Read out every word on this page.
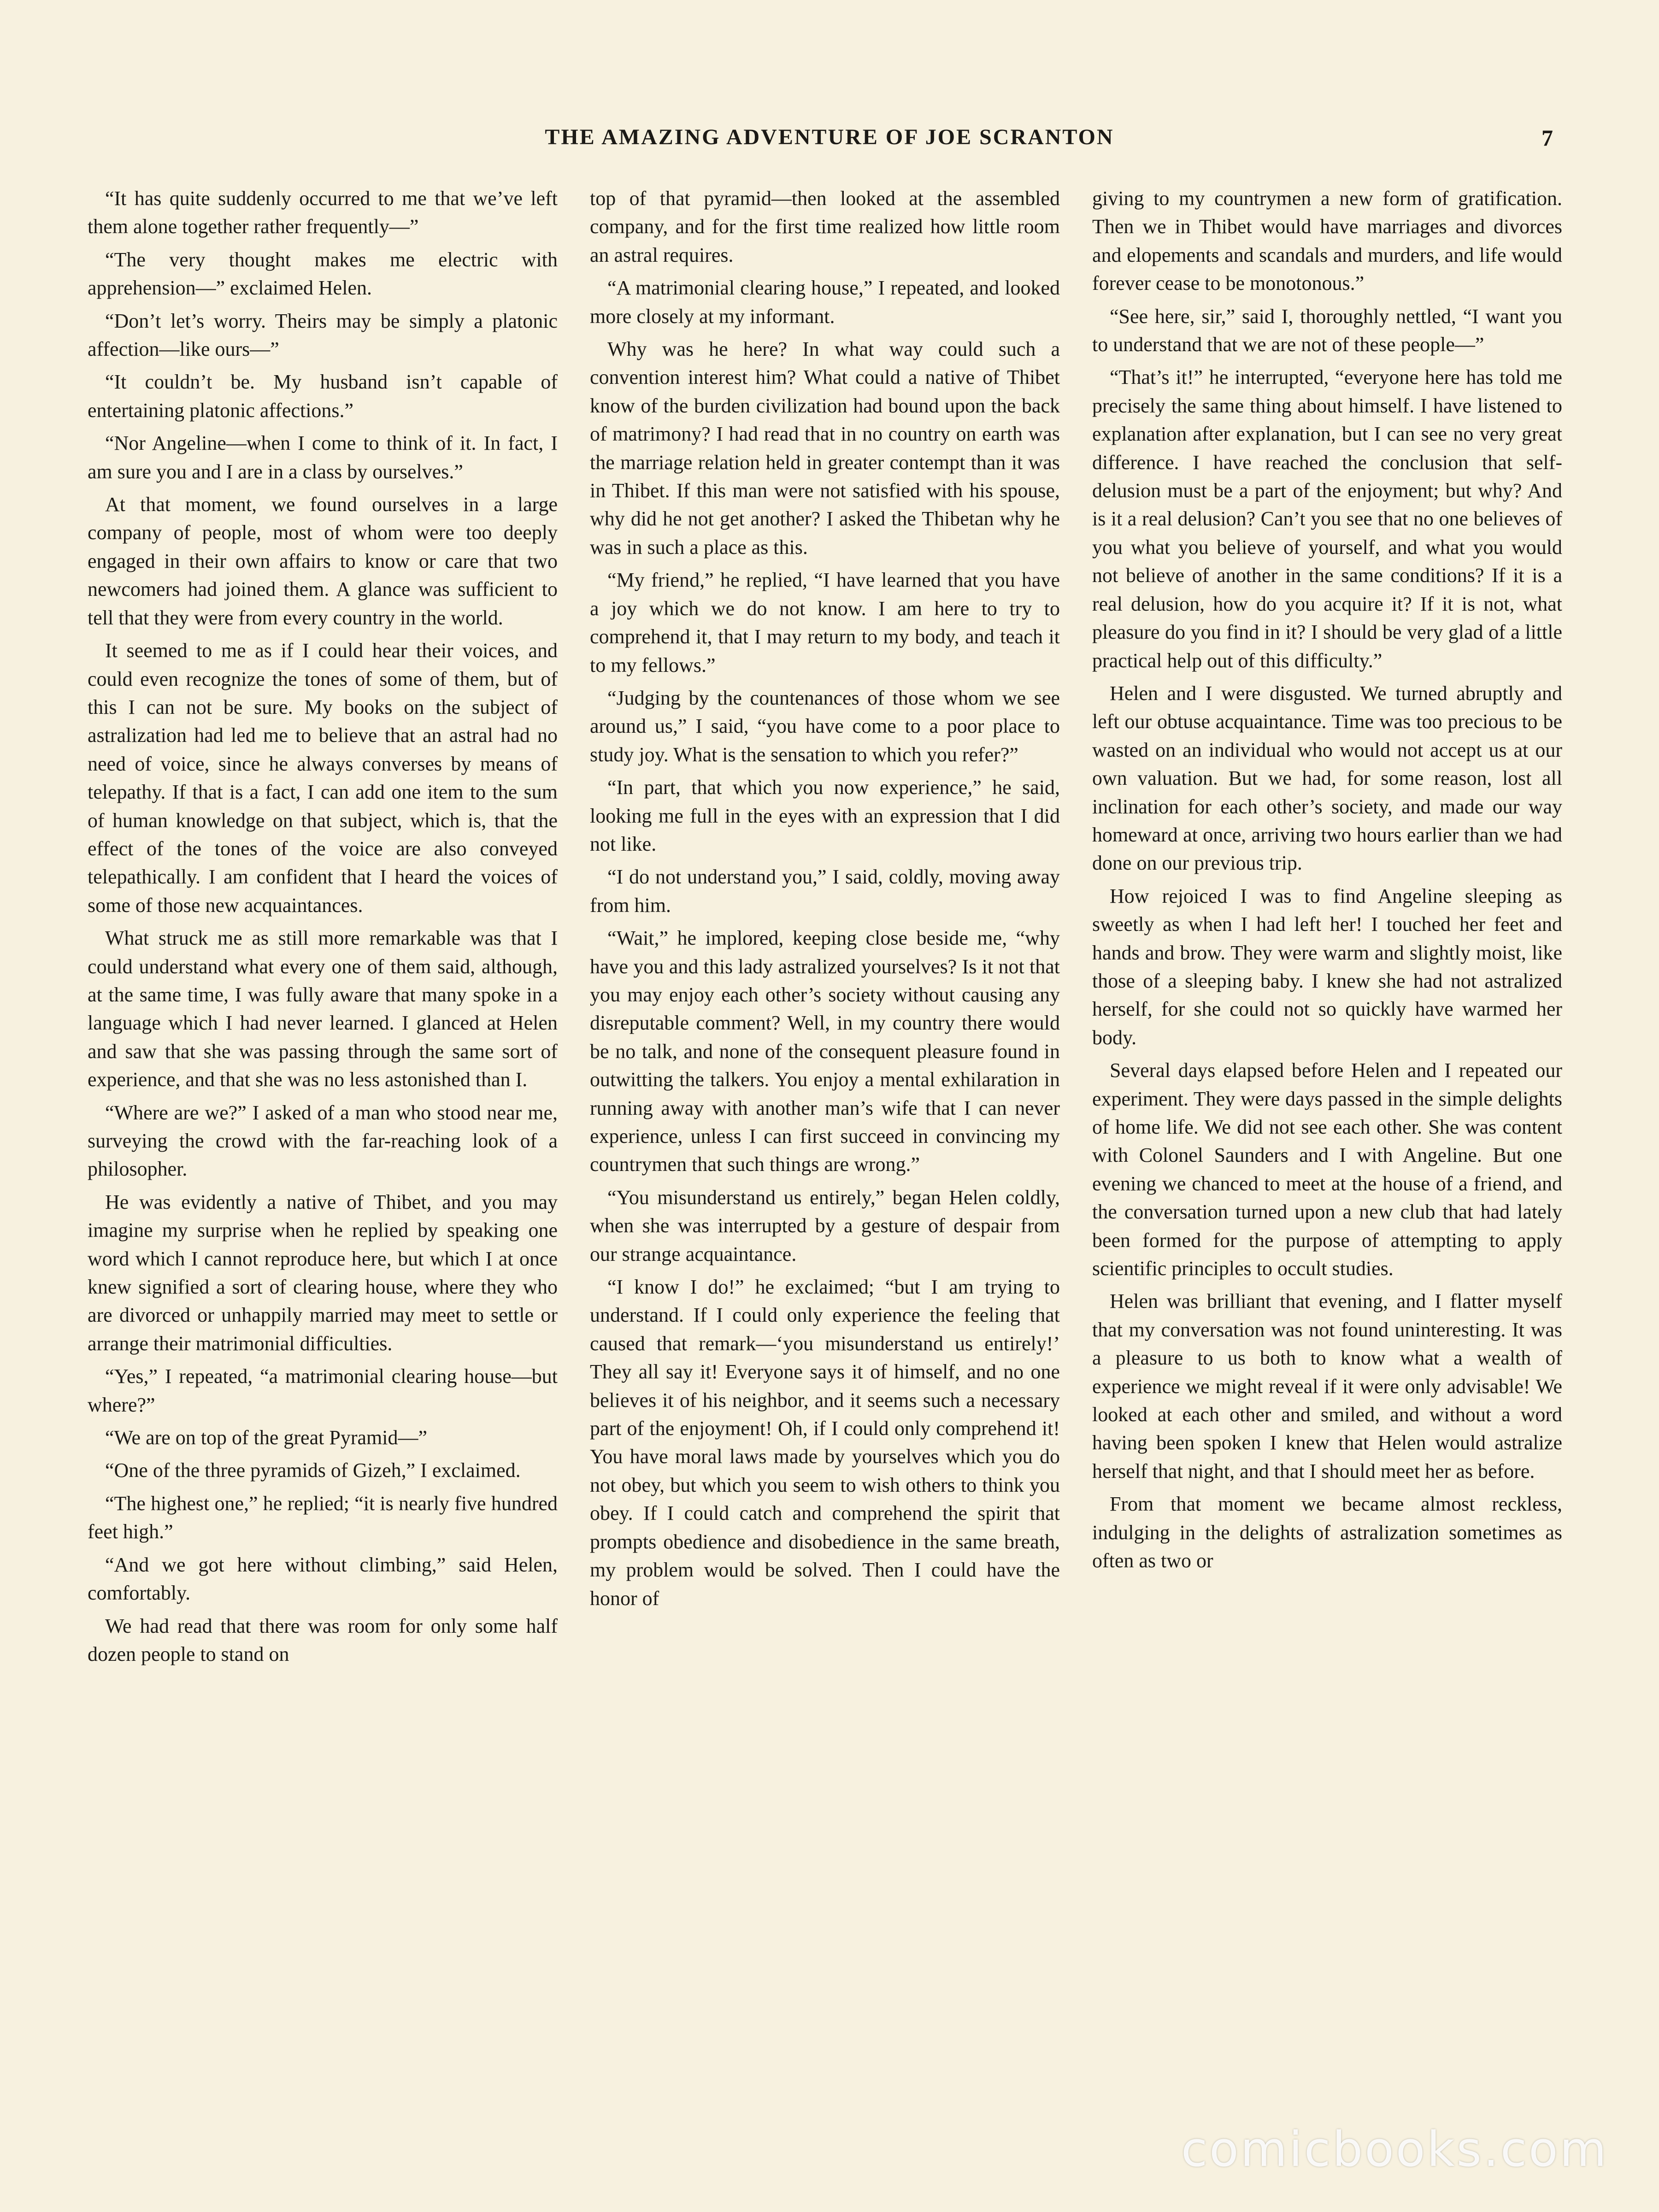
THE AMAZING ADVENTURE OF JOE SCRANTON	7

“It has quite suddenly occurred to me that we’ve left them alone together rather frequently—”

“The very thought makes me electric with apprehension—” exclaimed Helen.

“Don’t let’s worry. Theirs may be simply a platonic affection—like ours—”

“It couldn’t be. My husband isn’t capable of entertaining platonic affections.”

“Nor Angeline—when I come to think of it. In fact, I am sure you and I are in a class by ourselves.”

At that moment, we found ourselves in a large company of people, most of whom were too deeply engaged in their own affairs to know or care that two newcomers had joined them. A glance was sufficient to tell that they were from every country in the world.

It seemed to me as if I could hear their voices, and could even recognize the tones of some of them, but of this I can not be sure. My books on the subject of astralization had led me to believe that an astral had no need of voice, since he always converses by means of telepathy. If that is a fact, I can add one item to the sum of human knowledge on that subject, which is, that the effect of the tones of the voice are also conveyed telepathically. I am confident that I heard the voices of some of those new acquaintances.

What struck me as still more remarkable was that I could understand what every one of them said, although, at the same time, I was fully aware that many spoke in a language which I had never learned. I glanced at Helen and saw that she was passing through the same sort of experience, and that she was no less astonished than I.

“Where are we?” I asked of a man who stood near me, surveying the crowd with the far-reaching look of a philosopher.

He was evidently a native of Thibet, and you may imagine my surprise when he replied by speaking one word which I cannot reproduce here, but which I at once knew signified a sort of clearing house, where they who are divorced or unhappily married may meet to settle or arrange their matrimonial difficulties.

“Yes,” I repeated, “a matrimonial clearing house—but where?”

“We are on top of the great Pyramid—”

“One of the three pyramids of Gizeh,” I exclaimed.

“The highest one,” he replied; “it is nearly five hundred feet high.”

“And we got here without climbing,” said Helen, comfortably.

We had read that there was room for only some half dozen people to stand on

top of that pyramid—then looked at the assembled company, and for the first time realized how little room an astral requires.

“A matrimonial clearing house,” I repeated, and looked more closely at my informant.

Why was he here? In what way could such a convention interest him? What could a native of Thibet know of the burden civilization had bound upon the back of matrimony? I had read that in no country on earth was the marriage relation held in greater contempt than it was in Thibet. If this man were not satisfied with his spouse, why did he not get another? I asked the Thibetan why he was in such a place as this.

“My friend,” he replied, “I have learned that you have a joy which we do not know. I am here to try to comprehend it, that I may return to my body, and teach it to my fellows.”

“Judging by the countenances of those whom we see around us,” I said, “you have come to a poor place to study joy. What is the sensation to which you refer?”

“In part, that which you now experience,” he said, looking me full in the eyes with an expression that I did not like.

“I do not understand you,” I said, coldly, moving away from him.

“Wait,” he implored, keeping close beside me, “why have you and this lady astralized yourselves? Is it not that you may enjoy each other’s society without causing any disreputable comment? Well, in my country there would be no talk, and none of the consequent pleasure found in outwitting the talkers. You enjoy a mental exhilaration in running away with another man’s wife that I can never experience, unless I can first succeed in convincing my countrymen that such things are wrong.”

“You misunderstand us entirely,” began Helen coldly, when she was interrupted by a gesture of despair from our strange acquaintance.

“I know I do!” he exclaimed; “but I am trying to understand. If I could only experience the feeling that caused that remark—‘you misunderstand us entirely!’ They all say it! Everyone says it of himself, and no one believes it of his neighbor, and it seems such a necessary part of the enjoyment! Oh, if I could only comprehend it! You have moral laws made by yourselves which you do not obey, but which you seem to wish others to think you obey. If I could catch and comprehend the spirit that prompts obedience and disobedience in the same breath, my problem would be solved. Then I could have the honor of

giving to my countrymen a new form of gratification. Then we in Thibet would have marriages and divorces and elopements and scandals and murders, and life would forever cease to be monotonous.”

“See here, sir,” said I, thoroughly nettled, “I want you to understand that we are not of these people—”

“That’s it!” he interrupted, “everyone here has told me precisely the same thing about himself. I have listened to explanation after explanation, but I can see no very great difference. I have reached the conclusion that self-delusion must be a part of the enjoyment; but why? And is it a real delusion? Can’t you see that no one believes of you what you believe of yourself, and what you would not believe of another in the same conditions? If it is a real delusion, how do you acquire it? If it is not, what pleasure do you find in it? I should be very glad of a little practical help out of this difficulty.”

Helen and I were disgusted. We turned abruptly and left our obtuse acquaintance. Time was too precious to be wasted on an individual who would not accept us at our own valuation. But we had, for some reason, lost all inclination for each other’s society, and made our way homeward at once, arriving two hours earlier than we had done on our previous trip.

How rejoiced I was to find Angeline sleeping as sweetly as when I had left her! I touched her feet and hands and brow. They were warm and slightly moist, like those of a sleeping baby. I knew she had not astralized herself, for she could not so quickly have warmed her body.

Several days elapsed before Helen and I repeated our experiment. They were days passed in the simple delights of home life. We did not see each other. She was content with Colonel Saunders and I with Angeline. But one evening we chanced to meet at the house of a friend, and the conversation turned upon a new club that had lately been formed for the purpose of attempting to apply scientific principles to occult studies.

Helen was brilliant that evening, and I flatter myself that my conversation was not found uninteresting. It was a pleasure to us both to know what a wealth of experience we might reveal if it were only advisable! We looked at each other and smiled, and without a word having been spoken I knew that Helen would astralize herself that night, and that I should meet her as before.

From that moment we became almost reckless, indulging in the delights of astralization sometimes as often as two or

comicbooks.com
